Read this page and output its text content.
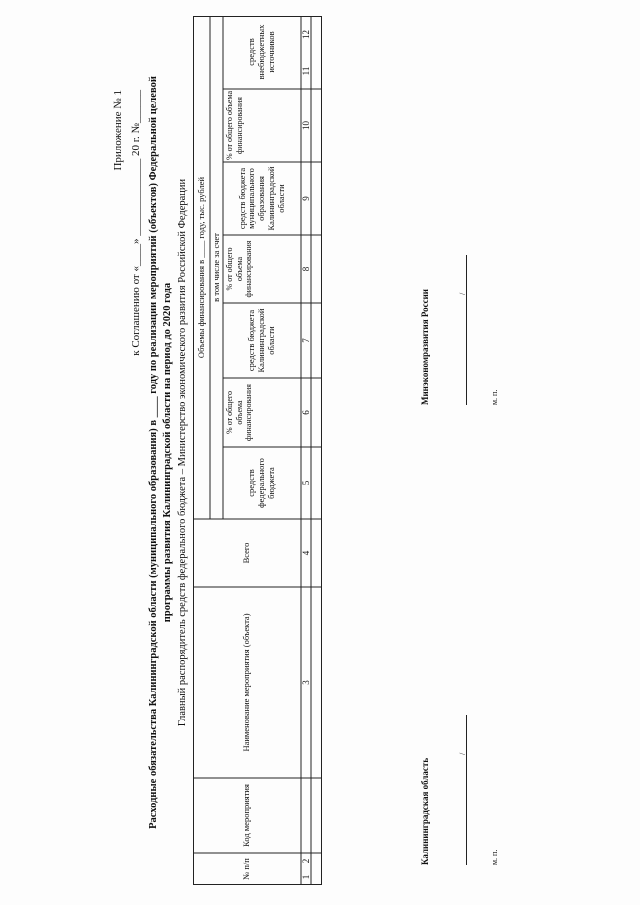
Приложение № 1 к Соглашению от «____» ______________ 20 г. №______ Расходные обязательства Калининградской области (муниципального образования) в ____ году по реализации мероприятий (объектов) Федеральной целевой программы развития Калининградской области на период до 2020 года Главный распорядитель средств федерального бюджета – Министерство экономического развития Российской Федерации
№ п/п
Код мероприятия
Наименование мероприятия (объекта)
Всего
Объемы финансирования в ____ году, тыс. рублей в том числе за счет
средств федерального бюджета
% от общего объема финансирования
средств бюджета Калининградской области
% от общего объема финансирования
средств бюджета муниципального образования Калининградской области
% от общего объема финансирования
средств внебюджетных источников
1
2
3
4
5
6
7
8
9
10
11
12
Калининградская область
/
м. п.
Минэкономразвития России	/
м. п.
